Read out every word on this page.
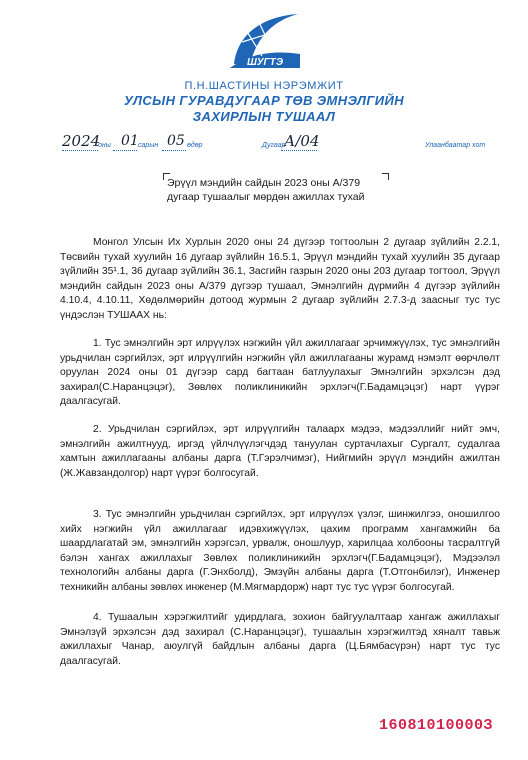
ШУГТЭ
П.Н.ШАСТИНЫ НЭРЭМЖИТ
УЛСЫН ГУРАВДУГААР ТӨВ ЭМНЭЛГИЙН
ЗАХИРЛЫН ТУШААЛ
2024
оны 01 сарын 05 өдөр	Дугаар
А/04	Улаанбаатар хот
Эрүүл мэндийн сайдын 2023 оны А/379
дугаар тушаалыг мөрдөн ажиллах тухай

Монгол Улсын Их Хурлын 2020 оны 24 дүгээр тогтоолын 2 дугаар зүйлийн 2.2.1, Төсвийн тухай хуулийн 16 дугаар зүйлийн 16.5.1, Эрүүл мэндийн тухай хуулийн 35 дугаар зүйлийн 35¹.1, 36 дугаар зүйлийн 36.1, Засгийн газрын 2020 оны 203 дугаар тогтоол, Эрүүл мэндийн сайдын 2023 оны А/379 дүгээр тушаал, Эмнэлгийн дүрмийн 4 дүгээр зүйлийн 4.10.4, 4.10.11, Хөдөлмөрийн дотоод журмын 2 дугаар зүйлийн 2.7.3-д заасныг тус тус үндэслэн ТУШААХ нь:

1. Тус эмнэлгийн эрт илрүүлэх нэгжийн үйл ажиллагааг эрчимжүүлэх, тус эмнэлгийн урьдчилан сэргийлэх, эрт илрүүлгийн нэгжийн үйл ажиллагааны журамд нэмэлт өөрчлөлт оруулан 2024 оны 01 дүгээр сард багтаан батлуулахыг Эмнэлгийн эрхэлсэн дэд захирал(С.Наранцэцэг), Зөвлөх поликлиникийн эрхлэгч(Г.Бадамцэцэг) нарт үүрэг даалгасугай.

2. Урьдчилан сэргийлэх, эрт илрүүлгийн талаарх мэдээ, мэдээллийг нийт эмч, эмнэлгийн ажилтнууд, иргэд үйлчлүүлэгчдэд тануулан суртачлахыг Сургалт, судалгаа хамтын ажиллагааны албаны дарга (Т.Гэрэлчимэг), Нийгмийн эрүүл мэндийн ажилтан (Ж.Жавзандолгор) нарт үүрэг болгосугай.

3. Тус эмнэлгийн урьдчилан сэргийлэх, эрт илрүүлэх үзлэг, шинжилгээ, оношилгоо хийх нэгжийн үйл ажиллагааг идэвхижүүлэх, цахим программ хангамжийн ба шаардлагатай эм, эмнэлгийн хэрэгсэл, урвалж, оношлуур, харилцаа холбооны тасралтгүй бэлэн хангах ажиллахыг Зөвлөх поликлиникийн эрхлэгч(Г.Бадамцэцэг), Мэдээлэл технологийн албаны дарга (Г.Энхболд), Эмзүйн албаны дарга (Т.Отгонбилэг), Инженер техникийн албаны зөвлөх инженер (М.Мягмардорж) нарт тус тус үүрэг болгосугай.

4. Тушаалын хэрэгжилтийг удирдлага, зохион байгуулалтаар хангаж ажиллахыг Эмнэлзүй эрхэлсэн дэд захирал (С.Наранцэцэг), тушаалын хэрэгжилтэд хяналт тавьж ажиллахыг Чанар, аюулгүй байдлын албаны дарга (Ц.Бямбасүрэн) нарт тус тус даалгасугай.

16081010000З
